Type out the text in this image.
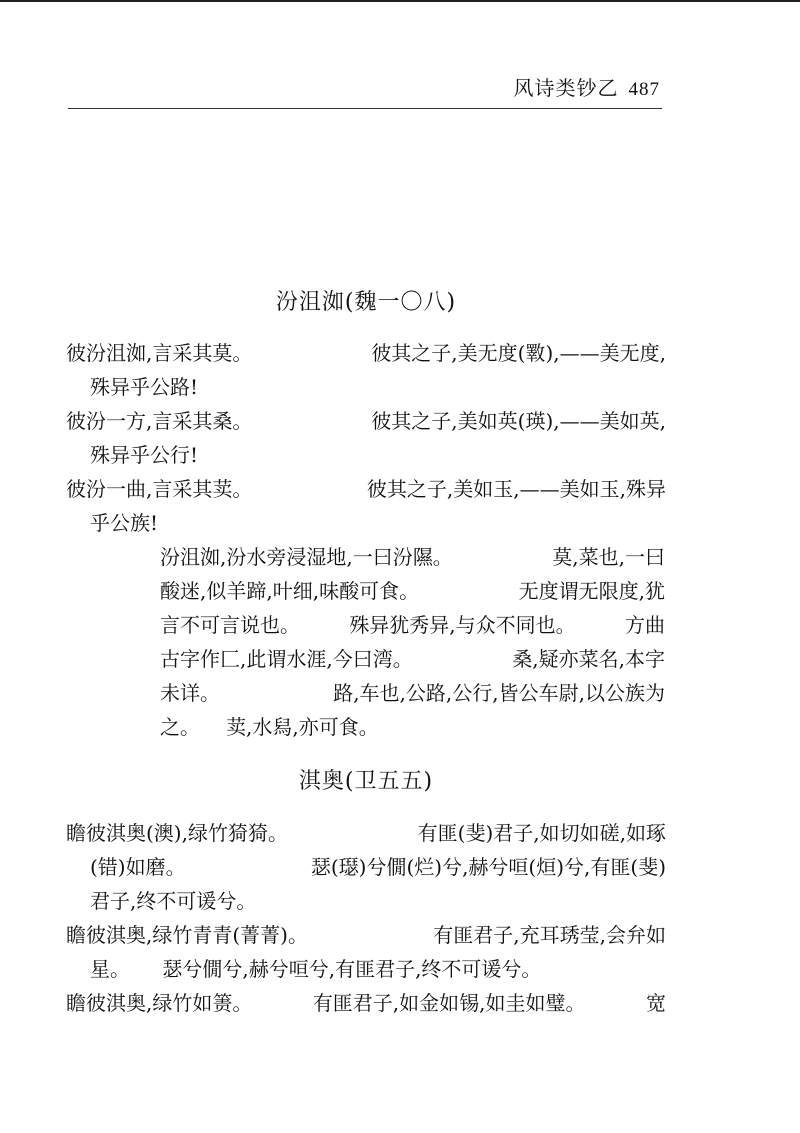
风诗类钞乙 487
汾沮洳(魏一〇八)
彼汾沮洳,言采其莫。	彼其之子,美无度(斁),——美无度,
殊异乎公路!
彼汾一方,言采其桑。	彼其之子,美如英(瑛),——美如英,
殊异乎公行!
彼汾一曲,言采其荬。	彼其之子,美如玉,——美如玉,殊异
乎公族!
汾沮洳,汾水旁浸湿地,一曰汾隰。	莫,菜也,一曰
酸迷,似羊蹄,叶细,味酸可食。	无度谓无限度,犹
言不可言说也。 殊异犹秀异,与众不同也。 方曲
古字作匚,此谓水涯,今曰湾。	桑,疑亦菜名,本字
未详。	路,车也,公路,公行,皆公车尉,以公族为
之。 荬,水舄,亦可食。
淇奥(卫五五)
瞻彼淇奥(澳),绿竹猗猗。	有匪(斐)君子,如切如磋,如琢
(错)如磨。	瑟(璱)兮僩(烂)兮,赫兮咺(烜)兮,有匪(斐)
君子,终不可谖兮。
瞻彼淇奥,绿竹青青(菁菁)。	有匪君子,充耳琇莹,会弁如
星。 瑟兮僩兮,赫兮咺兮,有匪君子,终不可谖兮。
瞻彼淇奥,绿竹如箦。	有匪君子,如金如锡,如圭如璧。	宽
